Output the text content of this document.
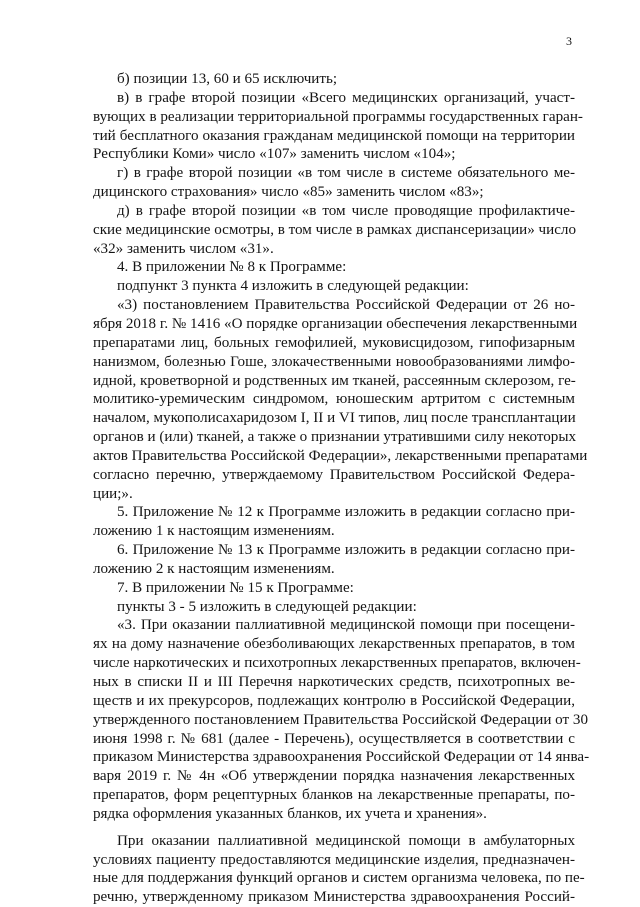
3
б) позиции 13, 60 и 65 исключить;
в) в графе второй позиции «Всего медицинских организаций, участ-
вующих в реализации территориальной программы государственных гаран-
тий бесплатного оказания гражданам медицинской помощи на территории
Республики Коми» число «107» заменить числом «104»;
г) в графе второй позиции «в том числе в системе обязательного ме-
дицинского страхования» число «85» заменить числом «83»;
д) в графе второй позиции «в том числе проводящие профилактиче-
ские медицинские осмотры, в том числе в рамках диспансеризации» число
«32» заменить числом «31».
4. В приложении № 8 к Программе:
подпункт 3 пункта 4 изложить в следующей редакции:
«3) постановлением Правительства Российской Федерации от 26 но-
ября 2018 г. № 1416 «О порядке организации обеспечения лекарственными
препаратами лиц, больных гемофилией, муковисцидозом, гипофизарным
нанизмом, болезнью Гоше, злокачественными новообразованиями лимфо-
идной, кроветворной и родственных им тканей, рассеянным склерозом, ге-
молитико-уремическим синдромом, юношеским артритом с системным
началом, мукополисахаридозом I, II и VI типов, лиц после трансплантации
органов и (или) тканей, а также о признании утратившими силу некоторых
актов Правительства Российской Федерации», лекарственными препаратами
согласно перечню, утверждаемому Правительством Российской Федера-
ции;».
5. Приложение № 12 к Программе изложить в редакции согласно при-
ложению 1 к настоящим изменениям.
6. Приложение № 13 к Программе изложить в редакции согласно при-
ложению 2 к настоящим изменениям.
7. В приложении № 15 к Программе:
пункты 3 - 5 изложить в следующей редакции:
«3. При оказании паллиативной медицинской помощи при посещени-
ях на дому назначение обезболивающих лекарственных препаратов, в том
числе наркотических и психотропных лекарственных препаратов, включен-
ных в списки II и III Перечня наркотических средств, психотропных ве-
ществ и их прекурсоров, подлежащих контролю в Российской Федерации,
утвержденного постановлением Правительства Российской Федерации от 30
июня 1998 г. № 681 (далее - Перечень), осуществляется в соответствии с
приказом Министерства здравоохранения Российской Федерации от 14 янва-
варя 2019 г. № 4н «Об утверждении порядка назначения лекарственных
препаратов, форм рецептурных бланков на лекарственные препараты, по-
рядка оформления указанных бланков, их учета и хранения».
При оказании паллиативной медицинской помощи в амбулаторных
условиях пациенту предоставляются медицинские изделия, предназначен-
ные для поддержания функций органов и систем организма человека, по пе-
речню, утвержденному приказом Министерства здравоохранения Россий-
